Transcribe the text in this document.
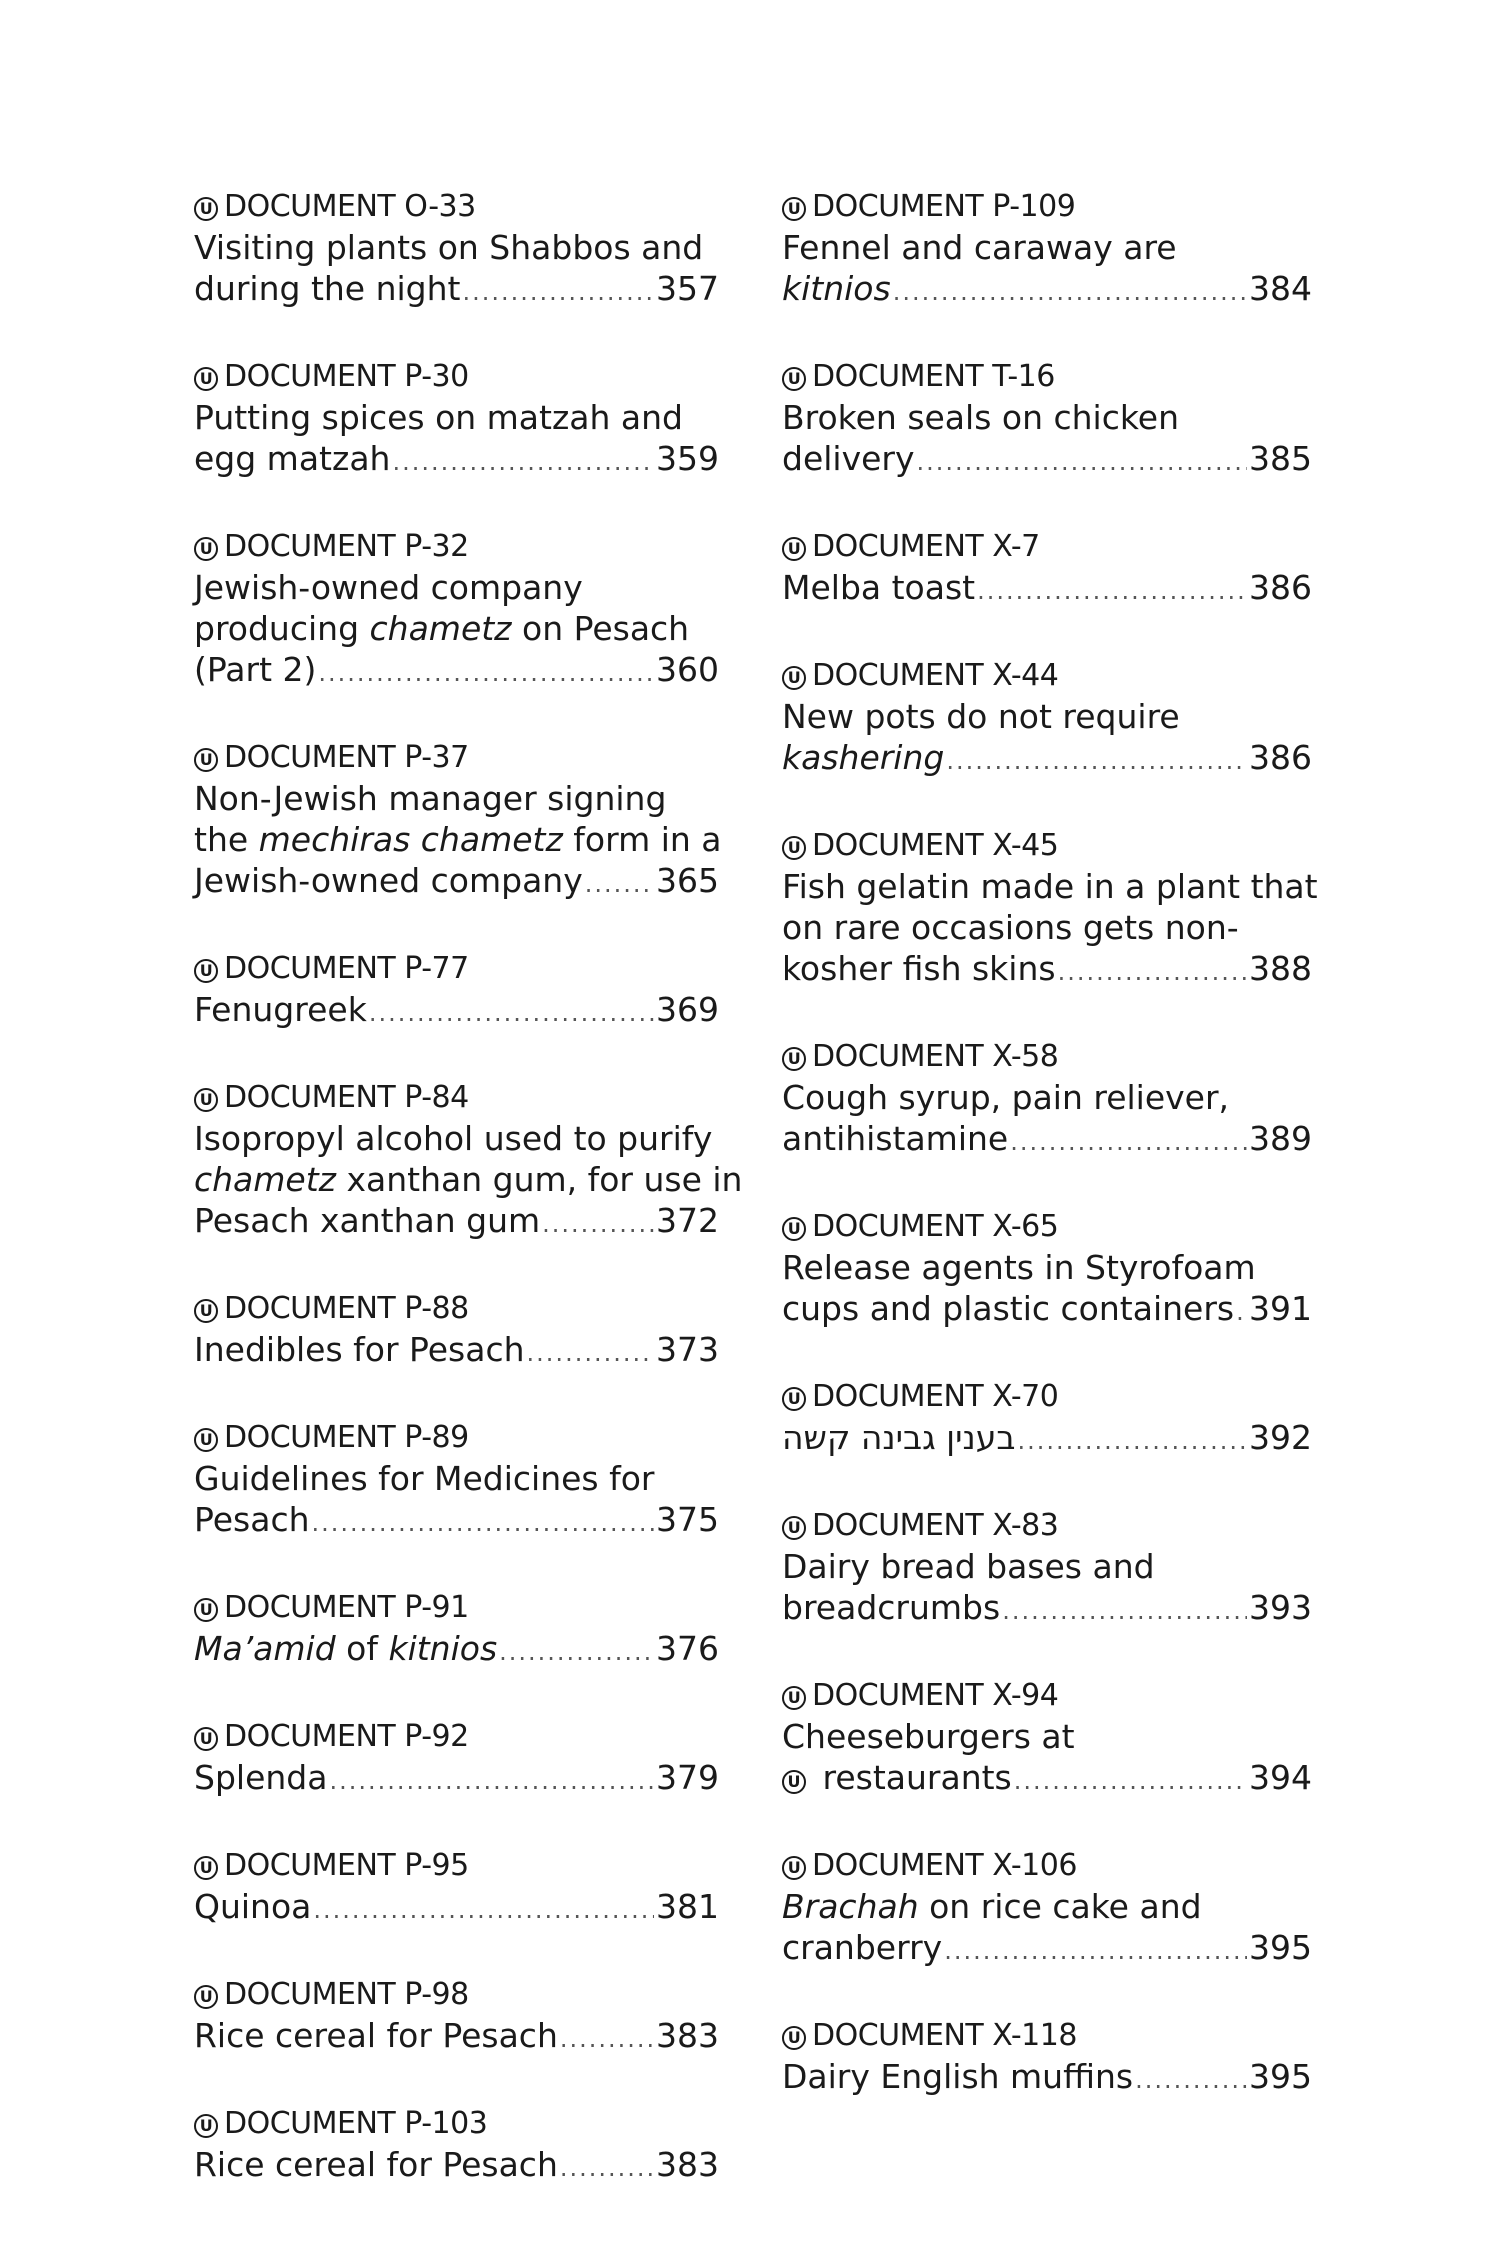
U DOCUMENT O-33
Visiting plants on Shabbos and
during the night .....	357
U DOCUMENT P-30
Putting spices on matzah and
egg matzah .....	359
U DOCUMENT P-32
Jewish-owned company
producing chametz on Pesach
(Part 2) .....	360
U DOCUMENT P-37
Non-Jewish manager signing
the mechiras chametz form in a
Jewish-owned company ..... 365
U DOCUMENT P-77
Fenugreek .....	369
U DOCUMENT P-84
Isopropyl alcohol used to purify
chametz xanthan gum, for use in
Pesach xanthan gum .....	372
U DOCUMENT P-88
Inedibles for Pesach .....	373
U DOCUMENT P-89
Guidelines for Medicines for
Pesach .....	375
U DOCUMENT P-91
Ma’amid of kitnios .....	376
U DOCUMENT P-92
Splenda .....	379
U DOCUMENT P-95
Quinoa .....	381
U DOCUMENT P-98
Rice cereal for Pesach .....	383
U DOCUMENT P-103
Rice cereal for Pesach .....	383
U DOCUMENT P-109
Fennel and caraway are
kitnios .....	384
U DOCUMENT T-16
Broken seals on chicken
delivery .....	385
U DOCUMENT X-7
Melba toast .....	386
U DOCUMENT X-44
New pots do not require
kashering .....	386
U DOCUMENT X-45
Fish gelatin made in a plant that
on rare occasions gets non-
kosher fish skins .....	388
U DOCUMENT X-58
Cough syrup, pain reliever,
antihistamine .....	389
U DOCUMENT X-65
Release agents in Styrofoam
cups and plastic containers ..... 391
U DOCUMENT X-70
בענין גבינה קשה .....	392
U DOCUMENT X-83
Dairy bread bases and
breadcrumbs .....	393
U DOCUMENT X-94
Cheeseburgers at
U restaurants .....	394
U DOCUMENT X-106
Brachah on rice cake and
cranberry .....	395
U DOCUMENT X-118
Dairy English muffins .....	395
